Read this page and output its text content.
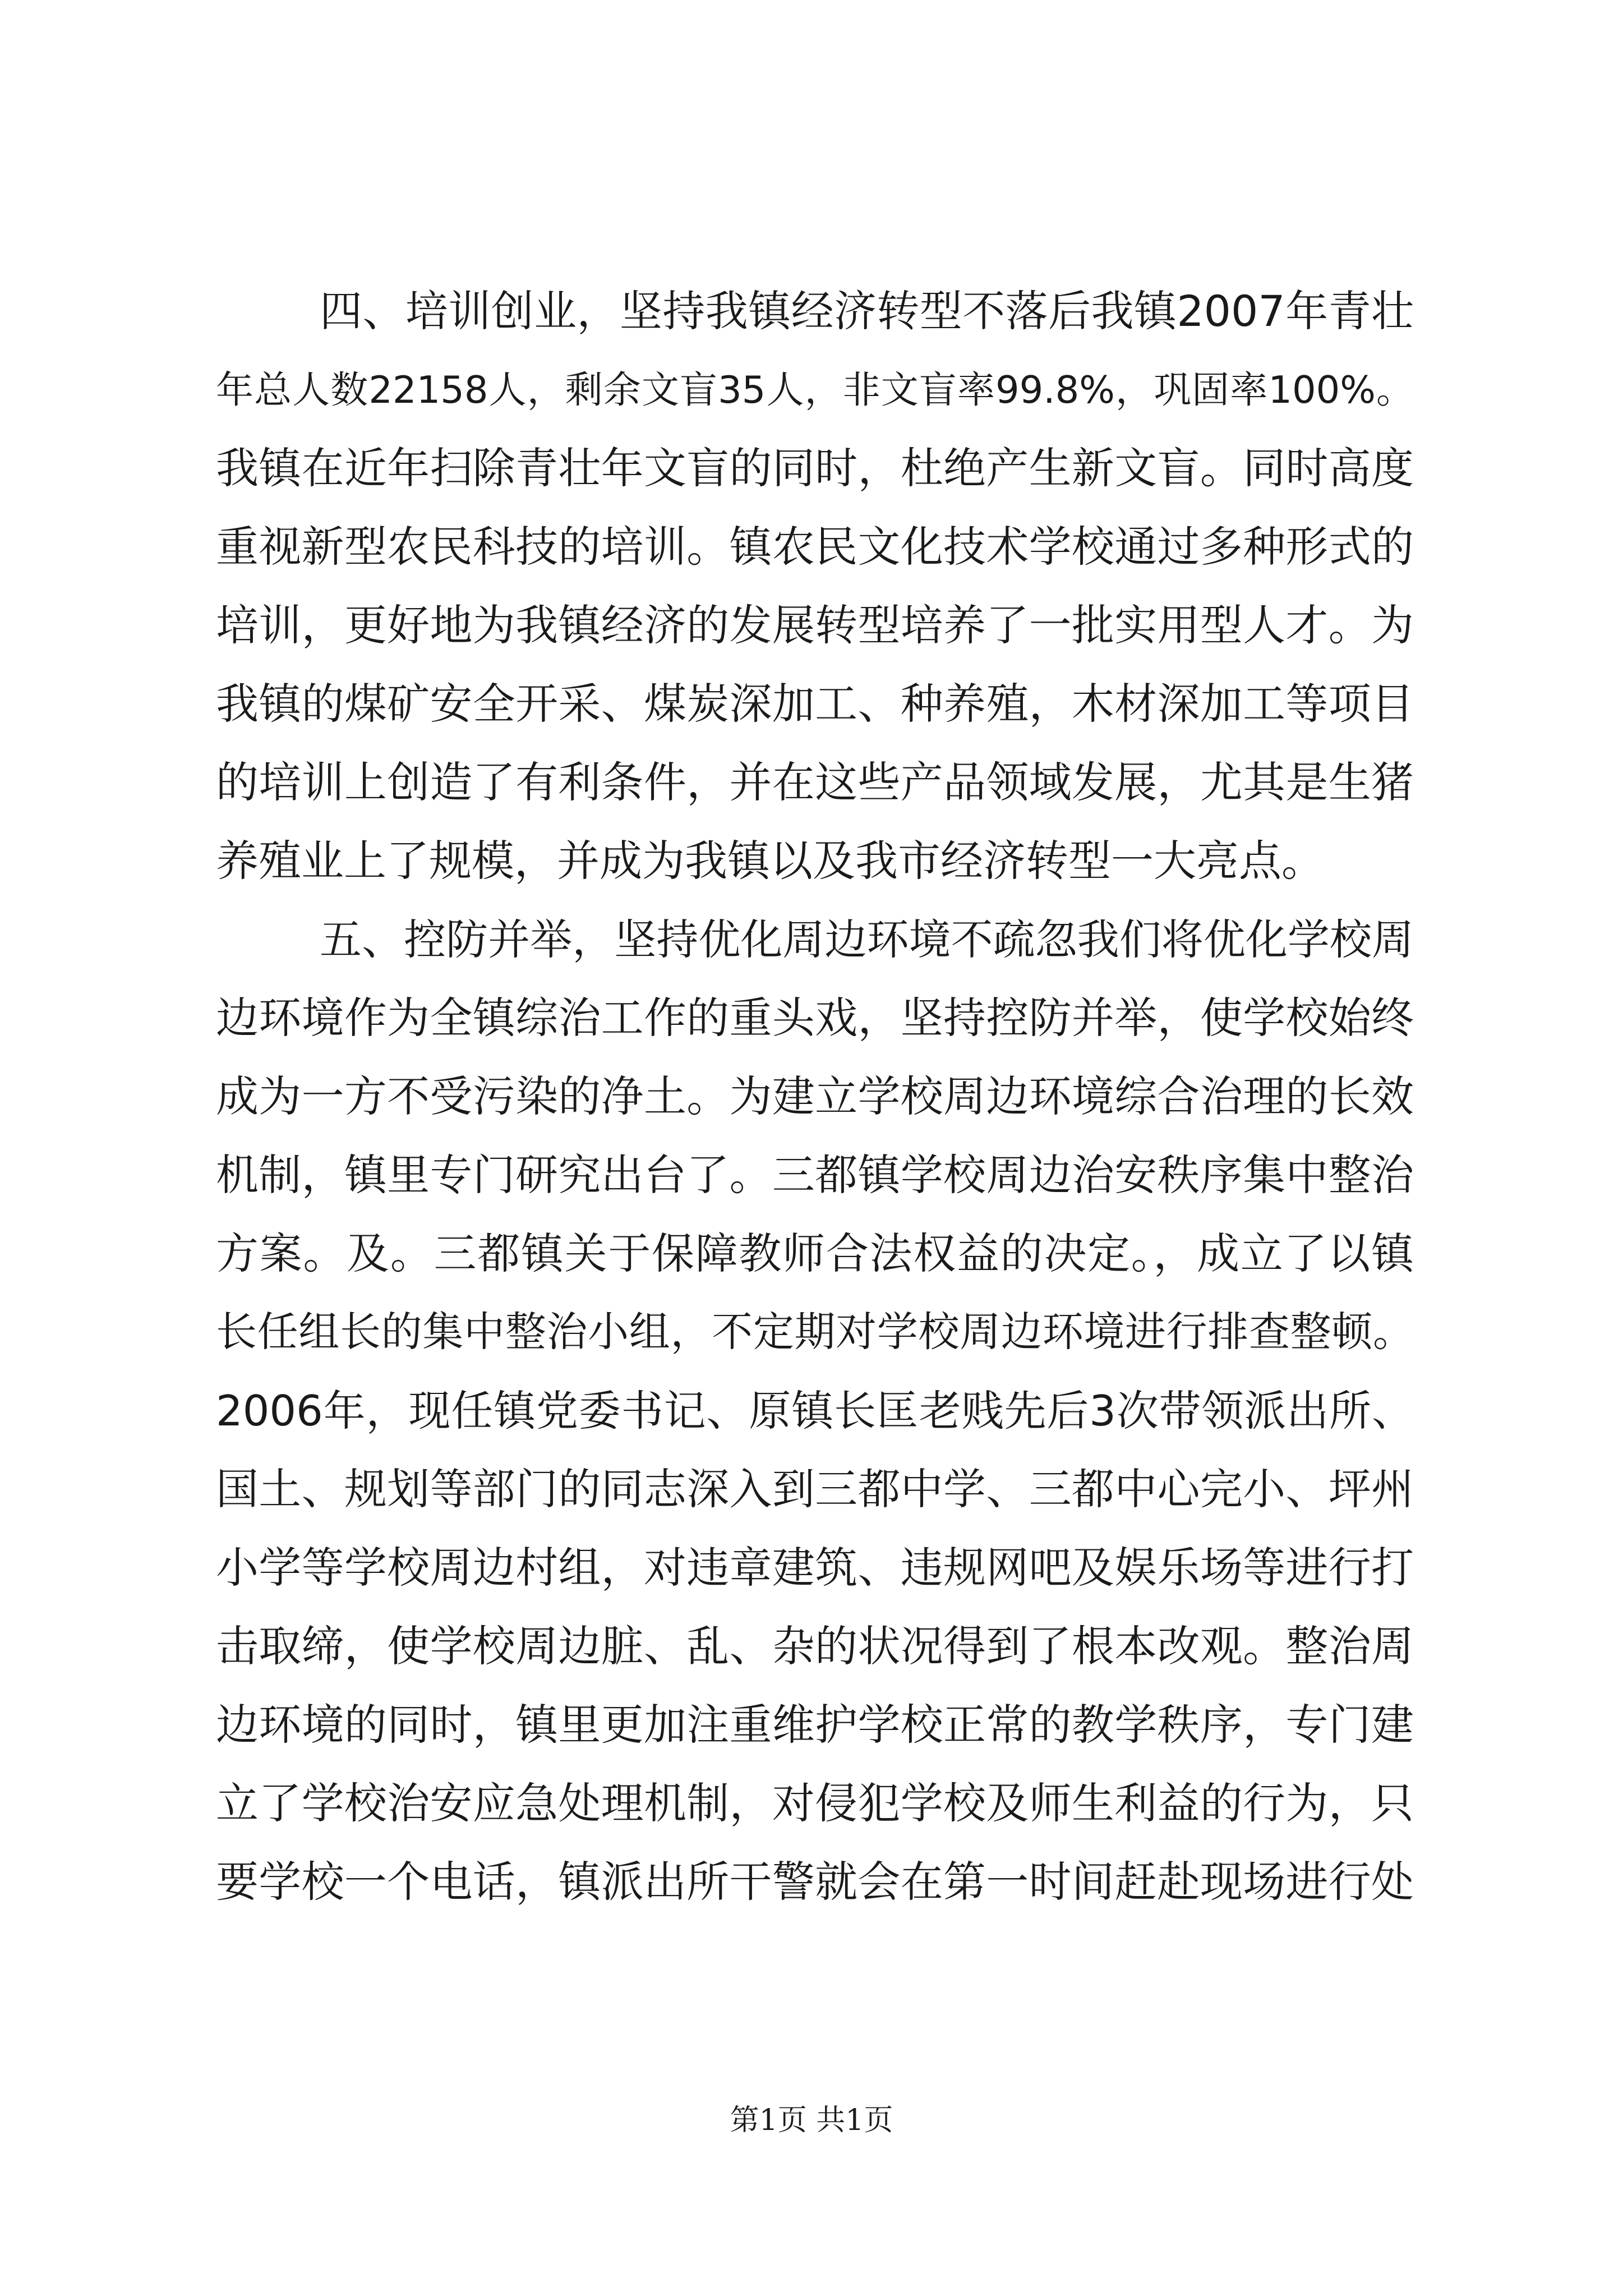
四、培训创业，坚持我镇经济转型不落后我镇2007年青壮
年总人数22158人，剩余文盲35人，非文盲率99.8%，巩固率100%。
我镇在近年扫除青壮年文盲的同时，杜绝产生新文盲。同时高度
重视新型农民科技的培训。镇农民文化技术学校通过多种形式的
培训，更好地为我镇经济的发展转型培养了一批实用型人才。为
我镇的煤矿安全开采、煤炭深加工、种养殖，木材深加工等项目
的培训上创造了有利条件，并在这些产品领域发展，尤其是生猪
养殖业上了规模，并成为我镇以及我市经济转型一大亮点。
五、控防并举，坚持优化周边环境不疏忽我们将优化学校周
边环境作为全镇综治工作的重头戏，坚持控防并举，使学校始终
成为一方不受污染的净土。为建立学校周边环境综合治理的长效
机制，镇里专门研究出台了。三都镇学校周边治安秩序集中整治
方案。及。三都镇关于保障教师合法权益的决定。，成立了以镇
长任组长的集中整治小组，不定期对学校周边环境进行排查整顿。
2006年，现任镇党委书记、原镇长匡老贱先后3次带领派出所、
国土、规划等部门的同志深入到三都中学、三都中心完小、坪州
小学等学校周边村组，对违章建筑、违规网吧及娱乐场等进行打
击取缔，使学校周边脏、乱、杂的状况得到了根本改观。整治周
边环境的同时，镇里更加注重维护学校正常的教学秩序，专门建
立了学校治安应急处理机制，对侵犯学校及师生利益的行为，只
要学校一个电话，镇派出所干警就会在第一时间赶赴现场进行处
第1页 共1页
